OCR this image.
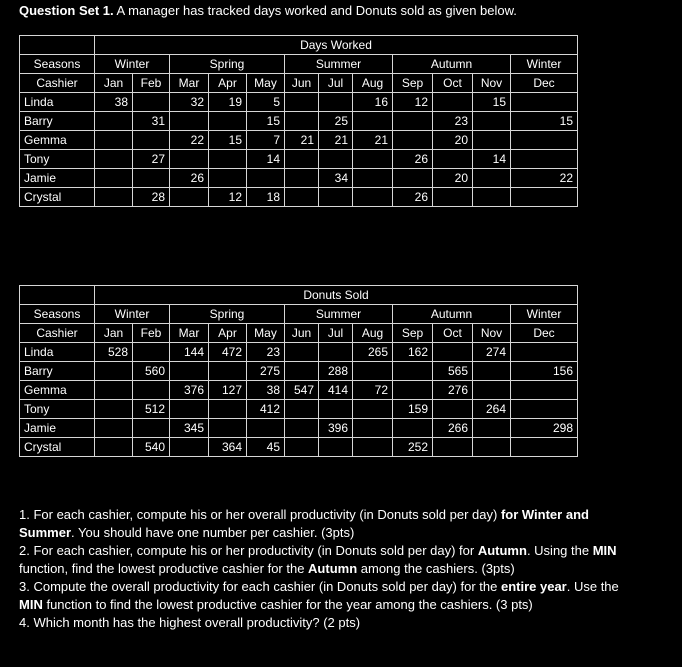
Question Set 1. A manager has tracked days worked and Donuts sold as given below.
	Days Worked											
Seasons	Winter		Spring			Summer			Autumn			Winter
Cashier	Jan	Feb	Mar	Apr	May	Jun	Jul	Aug	Sep	Oct	Nov	Dec
Linda	38		32	19	5			16	12		15	
Barry		31			15		25			23		15
Gemma			22	15	7	21	21	21		20		
Tony		27			14				26		14	
Jamie			26				34			20		22
Crystal		28		12	18				26			
	Donuts Sold											
Seasons	Winter		Spring			Summer			Autumn			Winter
Cashier	Jan	Feb	Mar	Apr	May	Jun	Jul	Aug	Sep	Oct	Nov	Dec
Linda	528		144	472	23			265	162		274	
Barry		560			275		288			565		156
Gemma			376	127	38	547	414	72		276		
Tony		512			412				159		264	
Jamie			345				396			266		298
Crystal		540		364	45				252			

1. For each cashier, compute his or her overall productivity (in Donuts sold per day) for Winter and Summer. You should have one number per cashier. (3pts)

2. For each cashier, compute his or her productivity (in Donuts sold per day) for Autumn. Using the MIN function, find the lowest productive cashier for the Autumn among the cashiers. (3pts)

3. Compute the overall productivity for each cashier (in Donuts sold per day) for the entire year. Use the MIN function to find the lowest productive cashier for the year among the cashiers. (3 pts)

4. Which month has the highest overall productivity? (2 pts)
